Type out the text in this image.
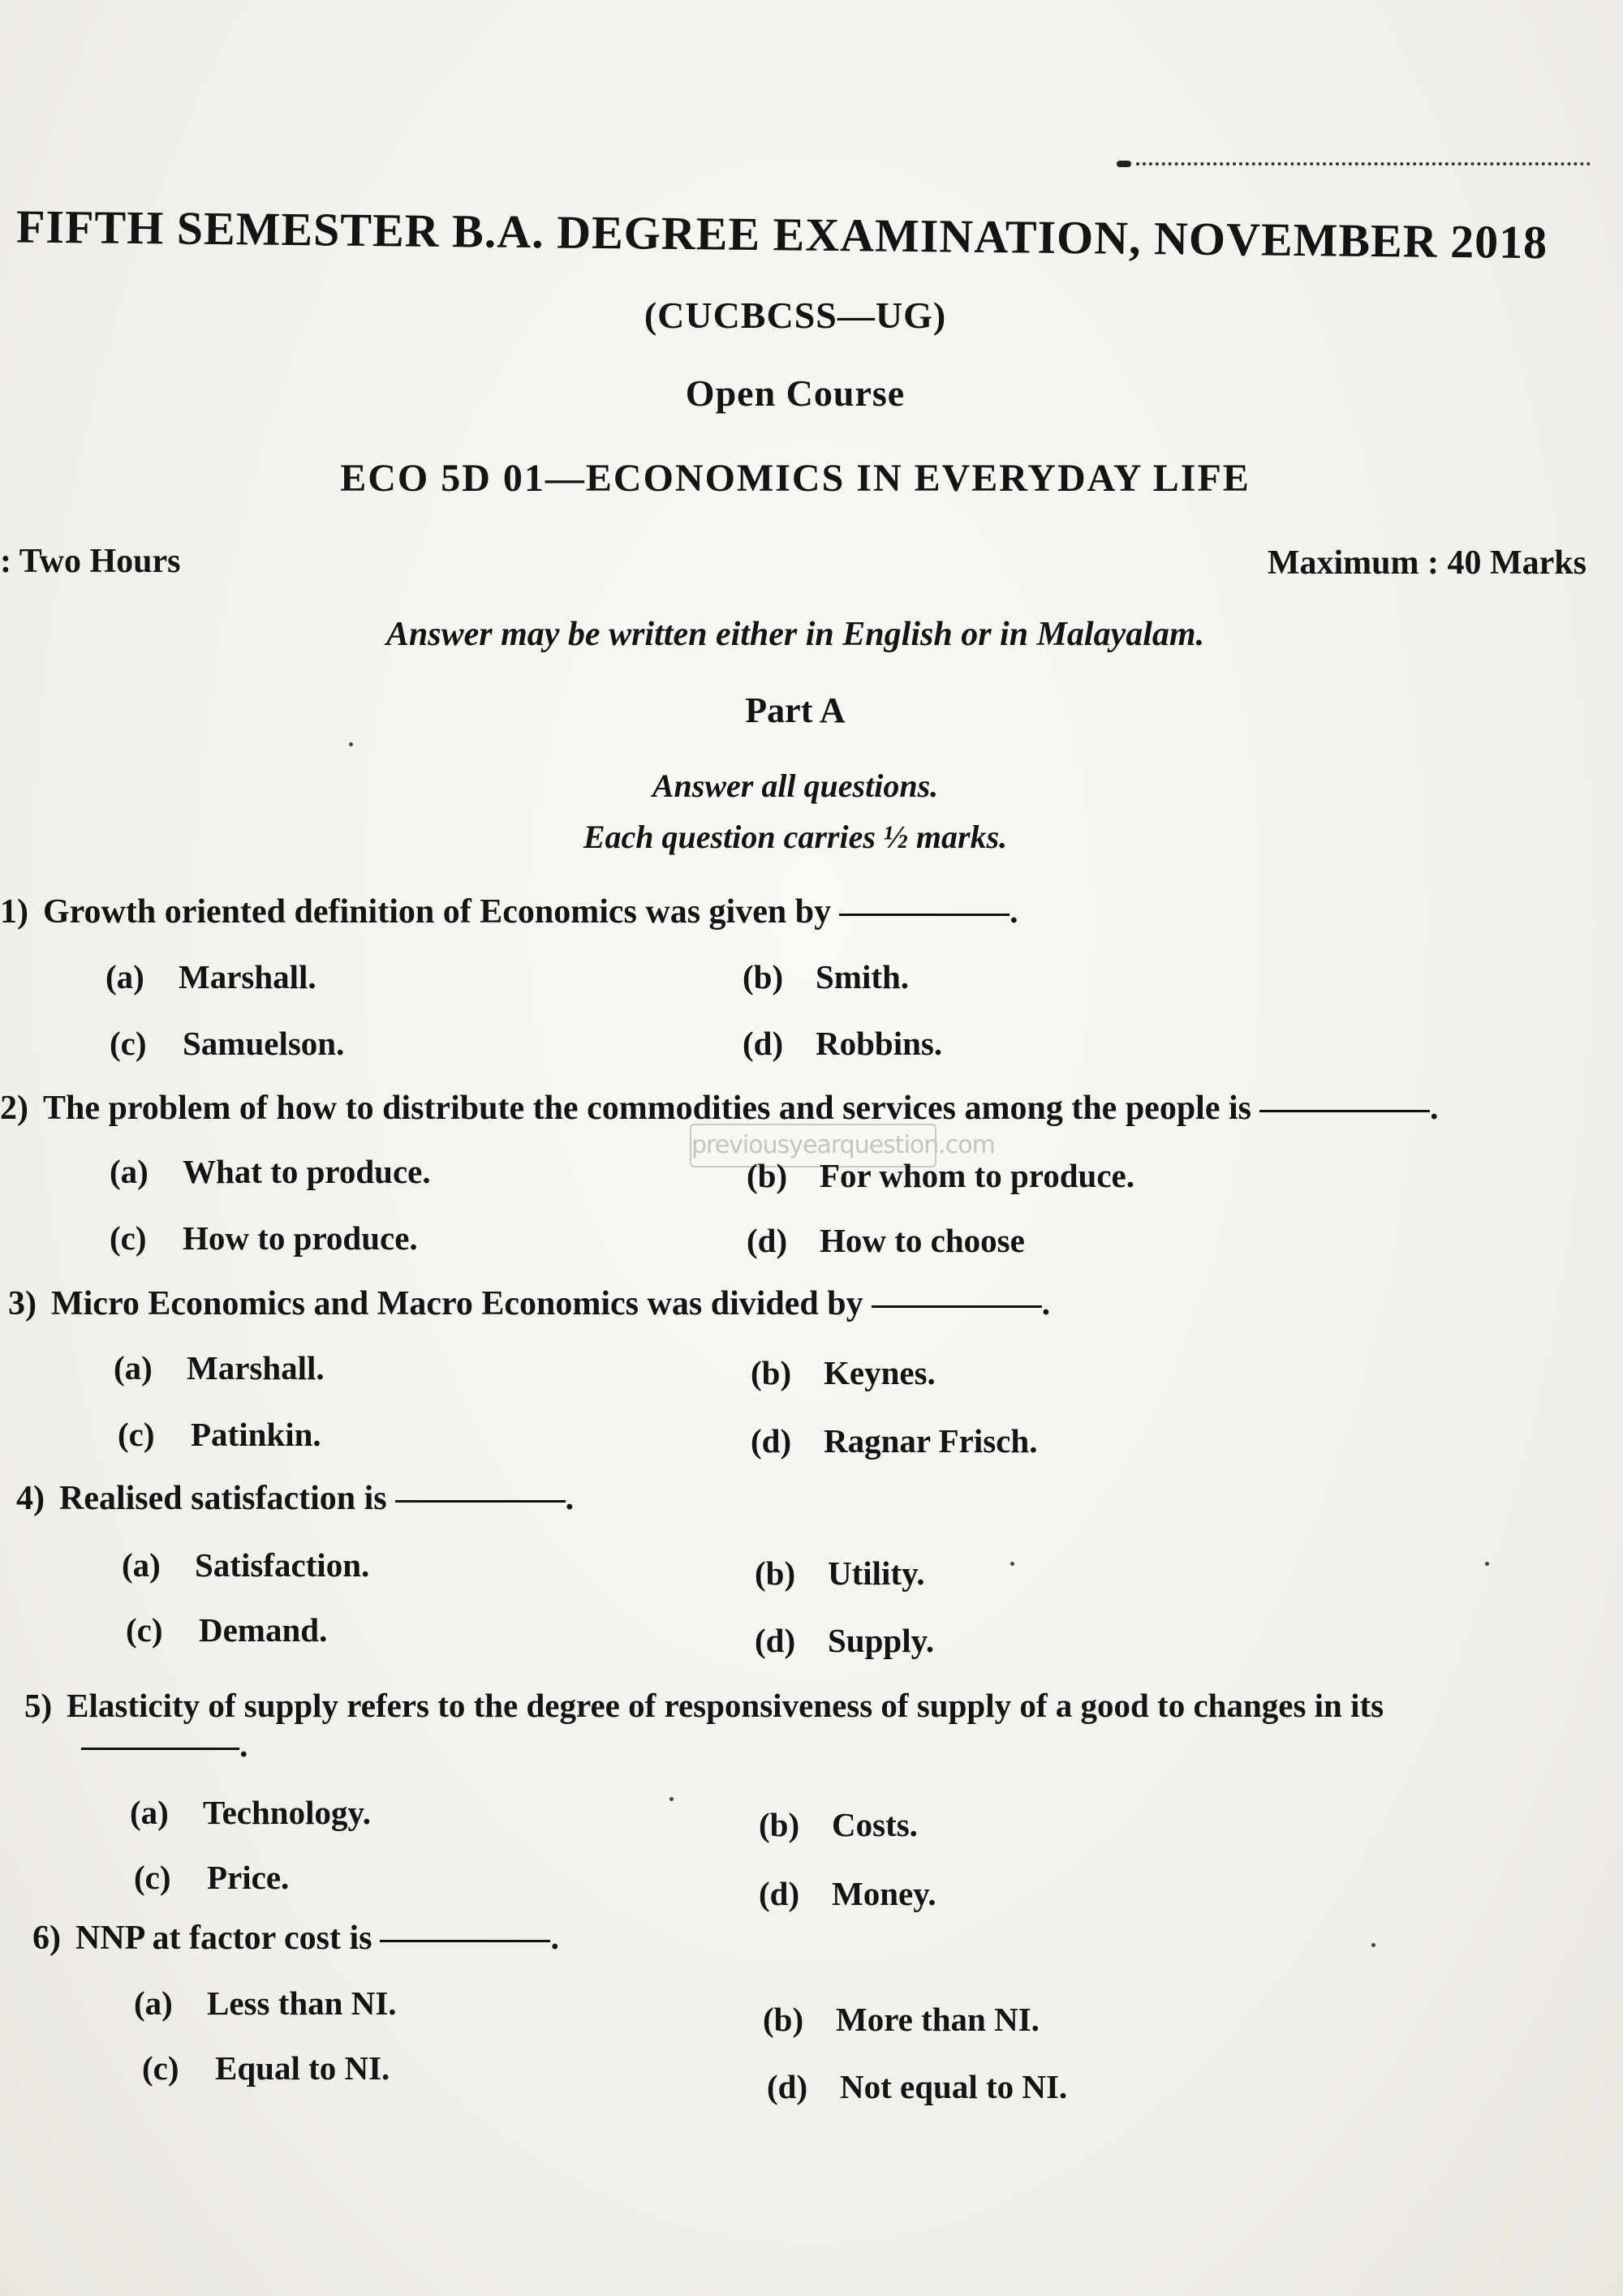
FIFTH SEMESTER B.A. DEGREE EXAMINATION, NOVEMBER 2018
(CUCBCSS—UG)
Open Course
ECO 5D 01—ECONOMICS IN EVERYDAY LIFE
: Two Hours	Maximum : 40 Marks
Answer may be written either in English or in Malayalam.
Part A
Answer all questions.
Each question carries ½ marks.
previousyearquestion.com
1) Growth oriented definition of Economics was given by	.
(a) Marshall.	(b) Smith.
(c) Samuelson.	(d) Robbins.
2) The problem of how to distribute the commodities and services among the people is	.
(a) What to produce.	(b) For whom to produce.
(c) How to produce.	(d) How to choose
3) Micro Economics and Macro Economics was divided by	.
(a) Marshall.	(b) Keynes.
(c) Patinkin.	(d) Ragnar Frisch.
4) Realised satisfaction is	.
(a) Satisfaction.	(b) Utility.
(c) Demand.	(d) Supply.
5) Elasticity of supply refers to the degree of responsiveness of supply of a good to changes in its
.
(a) Technology.	(b) Costs.
(c) Price.	(d) Money.
6) NNP at factor cost is	.
(a) Less than NI.	(b) More than NI.
(c) Equal to NI.	(d) Not equal to NI.
